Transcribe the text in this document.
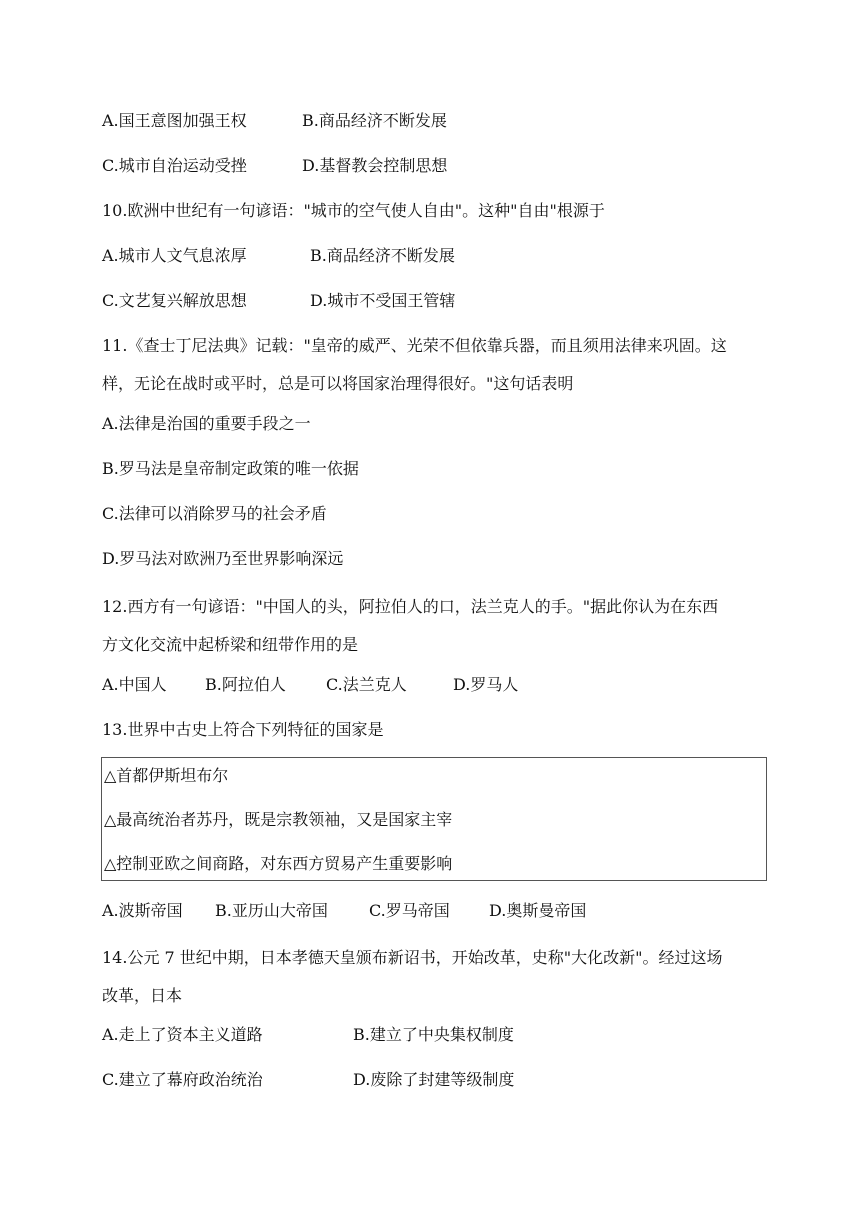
A.国王意图加强王权	B.商品经济不断发展
C.城市自治运动受挫	D.基督教会控制思想
10.欧洲中世纪有一句谚语："城市的空气使人自由"。这种"自由"根源于
A.城市人文气息浓厚	B.商品经济不断发展
C.文艺复兴解放思想	D.城市不受国王管辖
11.《查士丁尼法典》记载："皇帝的威严、光荣不但依靠兵器，而且须用法律来巩固。这
样，无论在战时或平时，总是可以将国家治理得很好。"这句话表明
A.法律是治国的重要手段之一
B.罗马法是皇帝制定政策的唯一依据
C.法律可以消除罗马的社会矛盾
D.罗马法对欧洲乃至世界影响深远
12.西方有一句谚语："中国人的头，阿拉伯人的口，法兰克人的手。"据此你认为在东西
方文化交流中起桥梁和纽带作用的是
A.中国人 B.阿拉伯人	C.法兰克人	D.罗马人
13.世界中古史上符合下列特征的国家是
△首都伊斯坦布尔
△最高统治者苏丹，既是宗教领袖，又是国家主宰
△控制亚欧之间商路，对东西方贸易产生重要影响
A.波斯帝国 B.亚历山大帝国	C.罗马帝国 D.奥斯曼帝国
14.公元 7 世纪中期，日本孝德天皇颁布新诏书，开始改革，史称"大化改新"。经过这场
改革，日本
A.走上了资本主义道路	B.建立了中央集权制度
C.建立了幕府政治统治	D.废除了封建等级制度
